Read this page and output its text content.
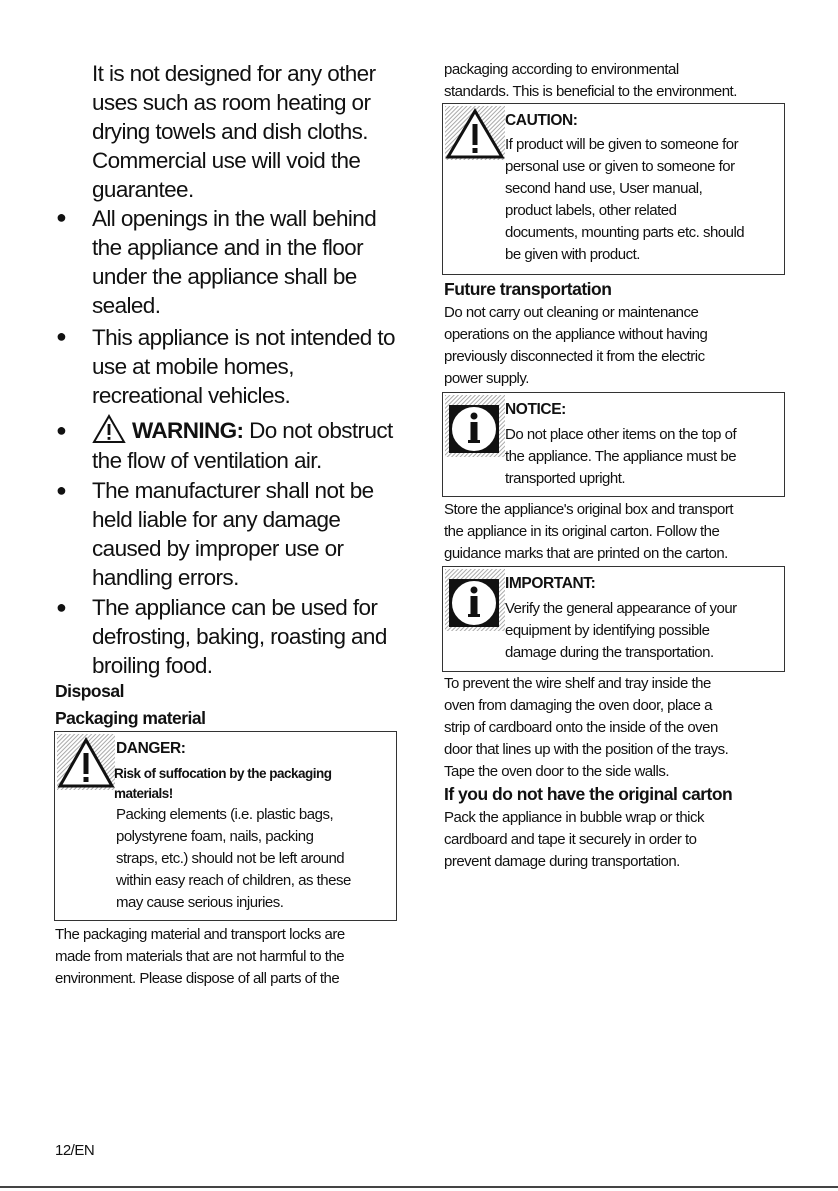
It is not designed for any other
uses such as room heating or
drying towels and dish cloths.
Commercial use will void the
guarantee.
● All openings in the wall behind
the appliance and in the floor
under the appliance shall be
sealed.
● This appliance is not intended to
use at mobile homes,
recreational vehicles.
●	WARNING: Do not obstruct
the flow of ventilation air.
● The manufacturer shall not be
held liable for any damage
caused by improper use or
handling errors.
● The appliance can be used for
defrosting, baking, roasting and
broiling food.
Disposal
Packaging material
DANGER:
Risk of suffocation by the packaging
materials!
Packing elements (i.e. plastic bags,
polystyrene foam, nails, packing
straps, etc.) should not be left around
within easy reach of children, as these
may cause serious injuries.
The packaging material and transport locks are
made from materials that are not harmful to the
environment. Please dispose of all parts of the
packaging according to environmental
standards. This is beneficial to the environment.
CAUTION:
If product will be given to someone for
personal use or given to someone for
second hand use, User manual,
product labels, other related
documents, mounting parts etc. should
be given with product.
Future transportation
Do not carry out cleaning or maintenance
operations on the appliance without having
previously disconnected it from the electric
power supply.
NOTICE:
Do not place other items on the top of
the appliance. The appliance must be
transported upright.
Store the appliance's original box and transport
the appliance in its original carton. Follow the
guidance marks that are printed on the carton.
IMPORTANT:
Verify the general appearance of your
equipment by identifying possible
damage during the transportation.
To prevent the wire shelf and tray inside the
oven from damaging the oven door, place a
strip of cardboard onto the inside of the oven
door that lines up with the position of the trays.
Tape the oven door to the side walls.
If you do not have the original carton
Pack the appliance in bubble wrap or thick
cardboard and tape it securely in order to
prevent damage during transportation.
12/EN
